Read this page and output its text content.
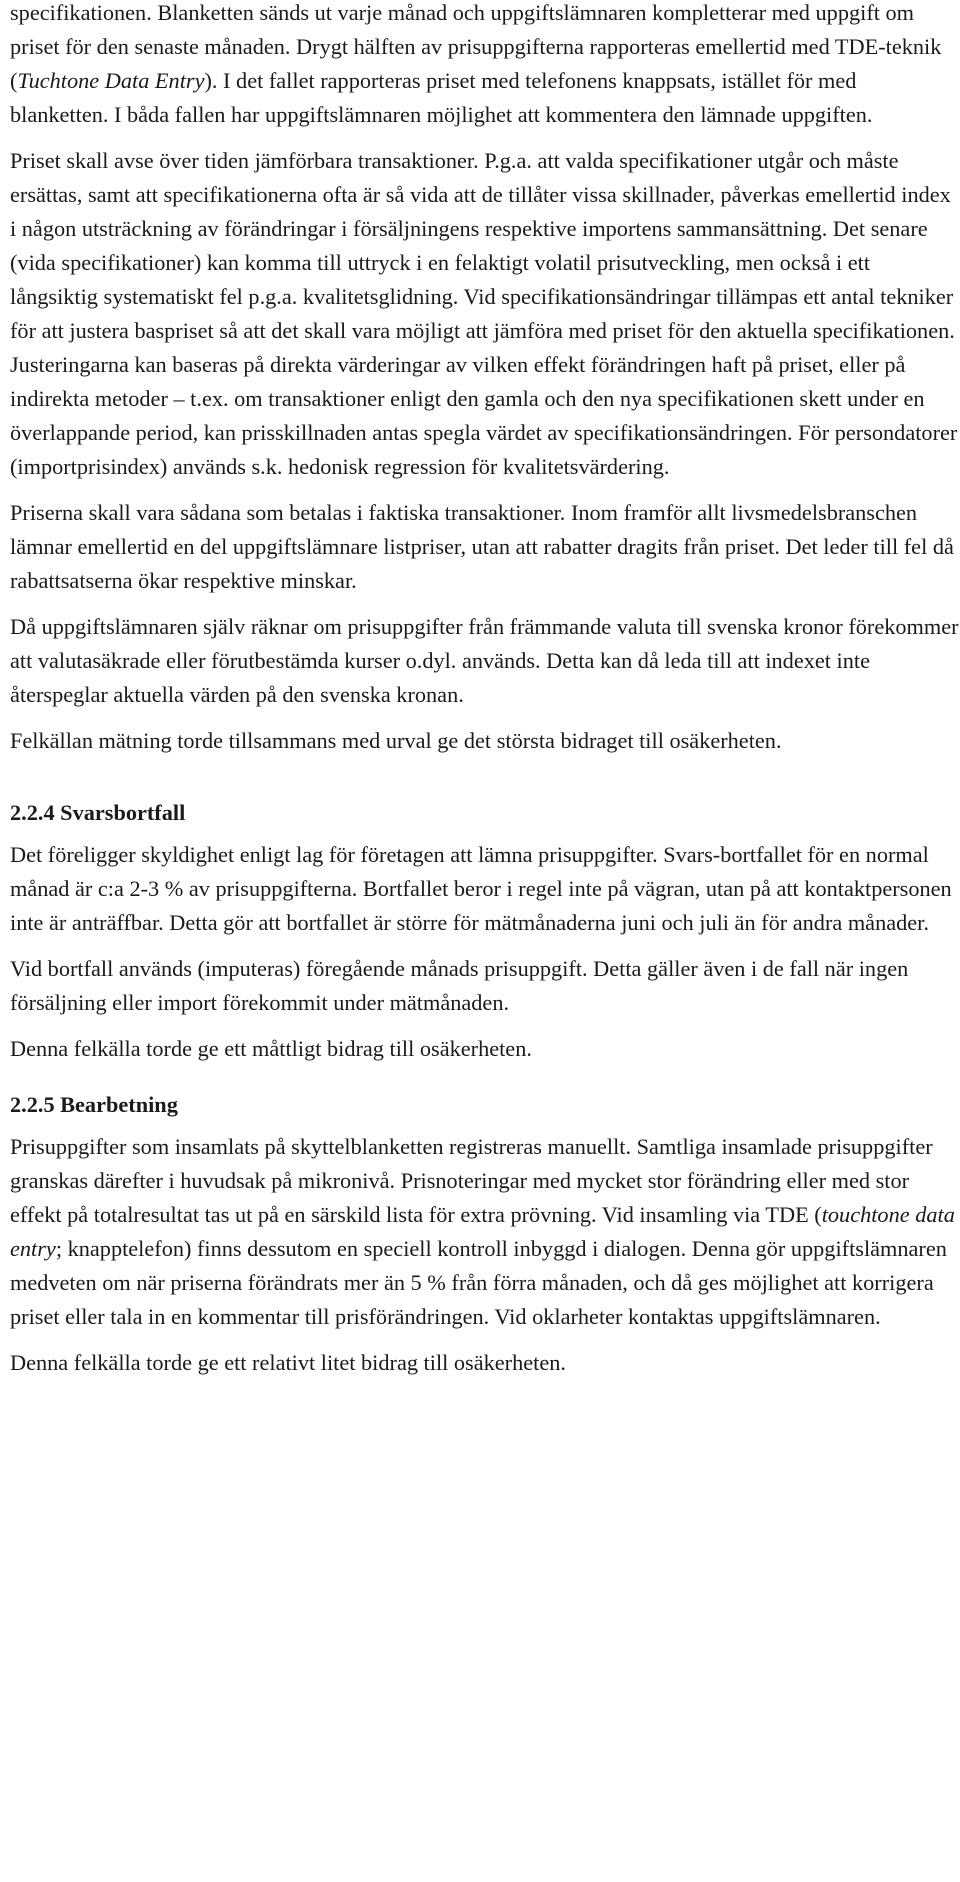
specifikationen. Blanketten sänds ut varje månad och uppgiftslämnaren kompletterar med uppgift om priset för den senaste månaden. Drygt hälften av prisuppgifterna rapporteras emellertid med TDE-teknik (Tuchtone Data Entry). I det fallet rapporteras priset med telefonens knappsats, istället för med blanketten. I båda fallen har uppgiftslämnaren möjlighet att kommentera den lämnade uppgiften.

Priset skall avse över tiden jämförbara transaktioner. P.g.a. att valda specifikationer utgår och måste ersättas, samt att specifikationerna ofta är så vida att de tillåter vissa skillnader, påverkas emellertid index i någon utsträckning av förändringar i försäljningens respektive importens sammansättning. Det senare (vida specifikationer) kan komma till uttryck i en felaktigt volatil prisutveckling, men också i ett långsiktig systematiskt fel p.g.a. kvalitetsglidning. Vid specifikationsändringar tillämpas ett antal tekniker för att justera baspriset så att det skall vara möjligt att jämföra med priset för den aktuella specifikationen. Justeringarna kan baseras på direkta värderingar av vilken effekt förändringen haft på priset, eller på indirekta metoder – t.ex. om transaktioner enligt den gamla och den nya specifikationen skett under en överlappande period, kan prisskillnaden antas spegla värdet av specifikationsändringen. För persondatorer (importprisindex) används s.k. hedonisk regression för kvalitetsvärdering.

Priserna skall vara sådana som betalas i faktiska transaktioner. Inom framför allt livsmedelsbranschen lämnar emellertid en del uppgiftslämnare listpriser, utan att rabatter dragits från priset. Det leder till fel då rabattsatserna ökar respektive minskar.

Då uppgiftslämnaren själv räknar om prisuppgifter från främmande valuta till svenska kronor förekommer att valutasäkrade eller förutbestämda kurser o.dyl. används. Detta kan då leda till att indexet inte återspeglar aktuella värden på den svenska kronan.

Felkällan mätning torde tillsammans med urval ge det största bidraget till osäkerheten.

2.2.4 Svarsbortfall

Det föreligger skyldighet enligt lag för företagen att lämna prisuppgifter. Svars-bortfallet för en normal månad är c:a 2-3 % av prisuppgifterna. Bortfallet beror i regel inte på vägran, utan på att kontaktpersonen inte är anträffbar. Detta gör att bortfallet är större för mätmånaderna juni och juli än för andra månader.

Vid bortfall används (imputeras) föregående månads prisuppgift. Detta gäller även i de fall när ingen försäljning eller import förekommit under mätmånaden.

Denna felkälla torde ge ett måttligt bidrag till osäkerheten.

2.2.5 Bearbetning

Prisuppgifter som insamlats på skyttelblanketten registreras manuellt. Samtliga insamlade prisuppgifter granskas därefter i huvudsak på mikronivå. Prisnoteringar med mycket stor förändring eller med stor effekt på totalresultat tas ut på en särskild lista för extra prövning. Vid insamling via TDE (touchtone data entry; knapptelefon) finns dessutom en speciell kontroll inbyggd i dialogen. Denna gör uppgiftslämnaren medveten om när priserna förändrats mer än 5 % från förra månaden, och då ges möjlighet att korrigera priset eller tala in en kommentar till prisförändringen. Vid oklarheter kontaktas uppgiftslämnaren.

Denna felkälla torde ge ett relativt litet bidrag till osäkerheten.
